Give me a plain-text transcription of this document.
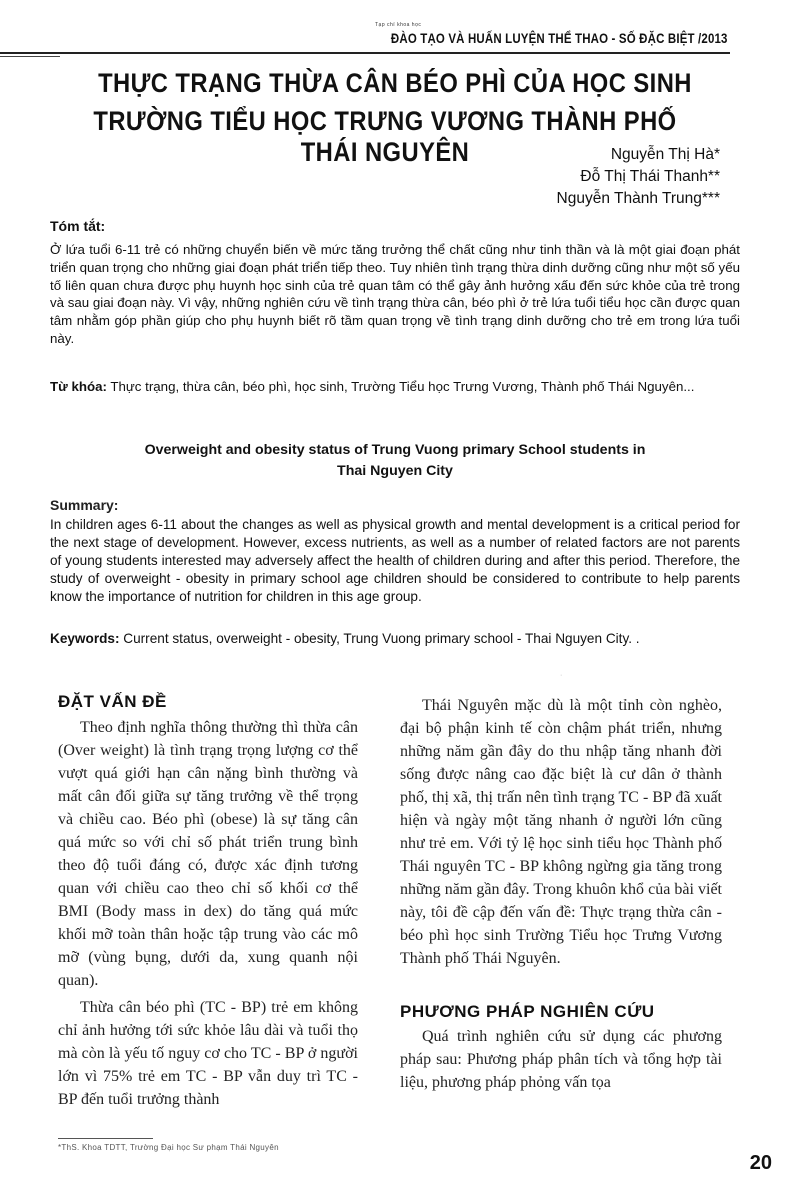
Tạp chí khoa học
ĐÀO TẠO VÀ HUẤN LUYỆN THỂ THAO - SỐ ĐẶC BIỆT /2013
THỰC TRẠNG THỪA CÂN BÉO PHÌ CỦA HỌC SINH
TRƯỜNG TIỂU HỌC TRƯNG VƯƠNG THÀNH PHỐ THÁI NGUYÊN	Nguyễn Thị Hà*
Đỗ Thị Thái Thanh**
Nguyễn Thành Trung***
Tóm tắt:
Ở lứa tuổi 6-11 trẻ có những chuyển biến về mức tăng trưởng thể chất cũng như tinh thần và là một giai đoạn phát triển quan trọng cho những giai đoạn phát triển tiếp theo. Tuy nhiên tình trạng thừa dinh dưỡng cũng như một số yếu tố liên quan chưa được phụ huynh học sinh của trẻ quan tâm có thể gây ảnh hưởng xấu đến sức khỏe của trẻ trong và sau giai đoạn này. Vì vậy, những nghiên cứu về tình trạng thừa cân, béo phì ở trẻ lứa tuổi tiểu học cần được quan tâm nhằm góp phần giúp cho phụ huynh biết rõ tầm quan trọng về tình trạng dinh dưỡng cho trẻ em trong lứa tuổi này.
Từ khóa: Thực trạng, thừa cân, béo phì, học sinh, Trường Tiểu học Trưng Vương, Thành phố Thái Nguyên...
Overweight and obesity status of Trung Vuong primary School students in
Thai Nguyen City
Summary:
In children ages 6-11 about the changes as well as physical growth and mental development is a critical period for the next stage of development. However, excess nutrients, as well as a number of related factors are not parents of young students interested may adversely affect the health of children during and after this period. Therefore, the study of overweight - obesity in primary school age children should be considered to contribute to help parents know the importance of nutrition for children in this age group.
Keywords: Current status, overweight - obesity, Trung Vuong primary school - Thai Nguyen City. .
·
ĐẶT VẤN ĐỀ

Theo định nghĩa thông thường thì thừa cân (Over weight) là tình trạng trọng lượng cơ thể vượt quá giới hạn cân nặng bình thường và mất cân đối giữa sự tăng trưởng về thể trọng và chiều cao. Béo phì (obese) là sự tăng cân quá mức so với chỉ số phát triển trung bình theo độ tuổi đáng có, được xác định tương quan với chiều cao theo chỉ số khối cơ thể BMI (Body mass in dex) do tăng quá mức khối mỡ toàn thân hoặc tập trung vào các mô mỡ (vùng bụng, dưới da, xung quanh nội quan).

Thừa cân béo phì (TC - BP) trẻ em không chỉ ảnh hưởng tới sức khỏe lâu dài và tuổi thọ mà còn là yếu tố nguy cơ cho TC - BP ở người lớn vì 75% trẻ em TC - BP vẫn duy trì TC - BP đến tuổi trưởng thành

Thái Nguyên mặc dù là một tỉnh còn nghèo, đại bộ phận kinh tế còn chậm phát triển, nhưng những năm gần đây do thu nhập tăng nhanh đời sống được nâng cao đặc biệt là cư dân ở thành phố, thị xã, thị trấn nên tình trạng TC - BP đã xuất hiện và ngày một tăng nhanh ở người lớn cũng như trẻ em. Với tỷ lệ học sinh tiểu học Thành phố Thái nguyên TC - BP không ngừng gia tăng trong những năm gần đây. Trong khuôn khổ của bài viết này, tôi đề cập đến vấn đề: Thực trạng thừa cân - béo phì học sinh Trường Tiểu học Trưng Vương Thành phố Thái Nguyên.

PHƯƠNG PHÁP NGHIÊN CỨU

Quá trình nghiên cứu sử dụng các phương pháp sau: Phương pháp phân tích và tổng hợp tài liệu, phương pháp phỏng vấn tọa

*ThS. Khoa TDTT, Trường Đại học Sư phạm Thái Nguyên
20
